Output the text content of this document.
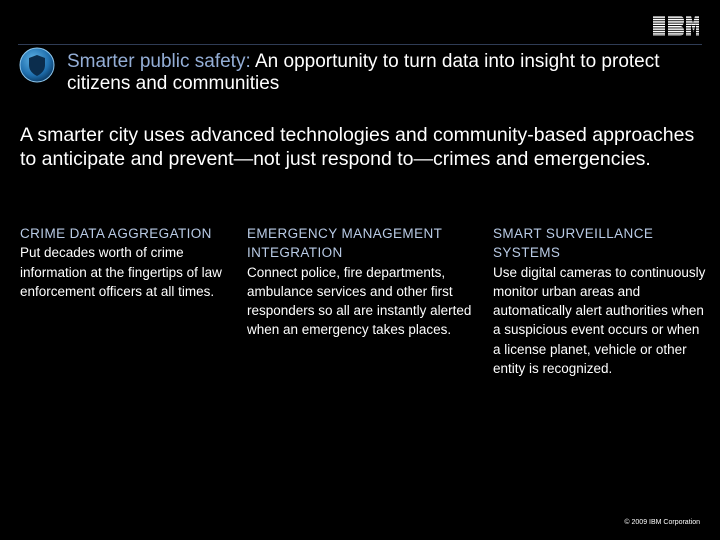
Smarter public safety: An opportunity to turn data into insight to protect citizens and communities
A smarter city uses advanced technologies and community-based approaches to anticipate and prevent—not just respond to—crimes and emergencies.
CRIME DATA AGGREGATION
Put decades worth of crime information at the fingertips of law enforcement officers at all times.
EMERGENCY MANAGEMENT INTEGRATION
Connect police, fire departments, ambulance services and other first responders so all are instantly alerted when an emergency takes places.
SMART SURVEILLANCE SYSTEMS
Use digital cameras to continuously monitor urban areas and automatically alert authorities when a suspicious event occurs or when a license planet, vehicle or other entity is recognized.
© 2009 IBM Corporation
